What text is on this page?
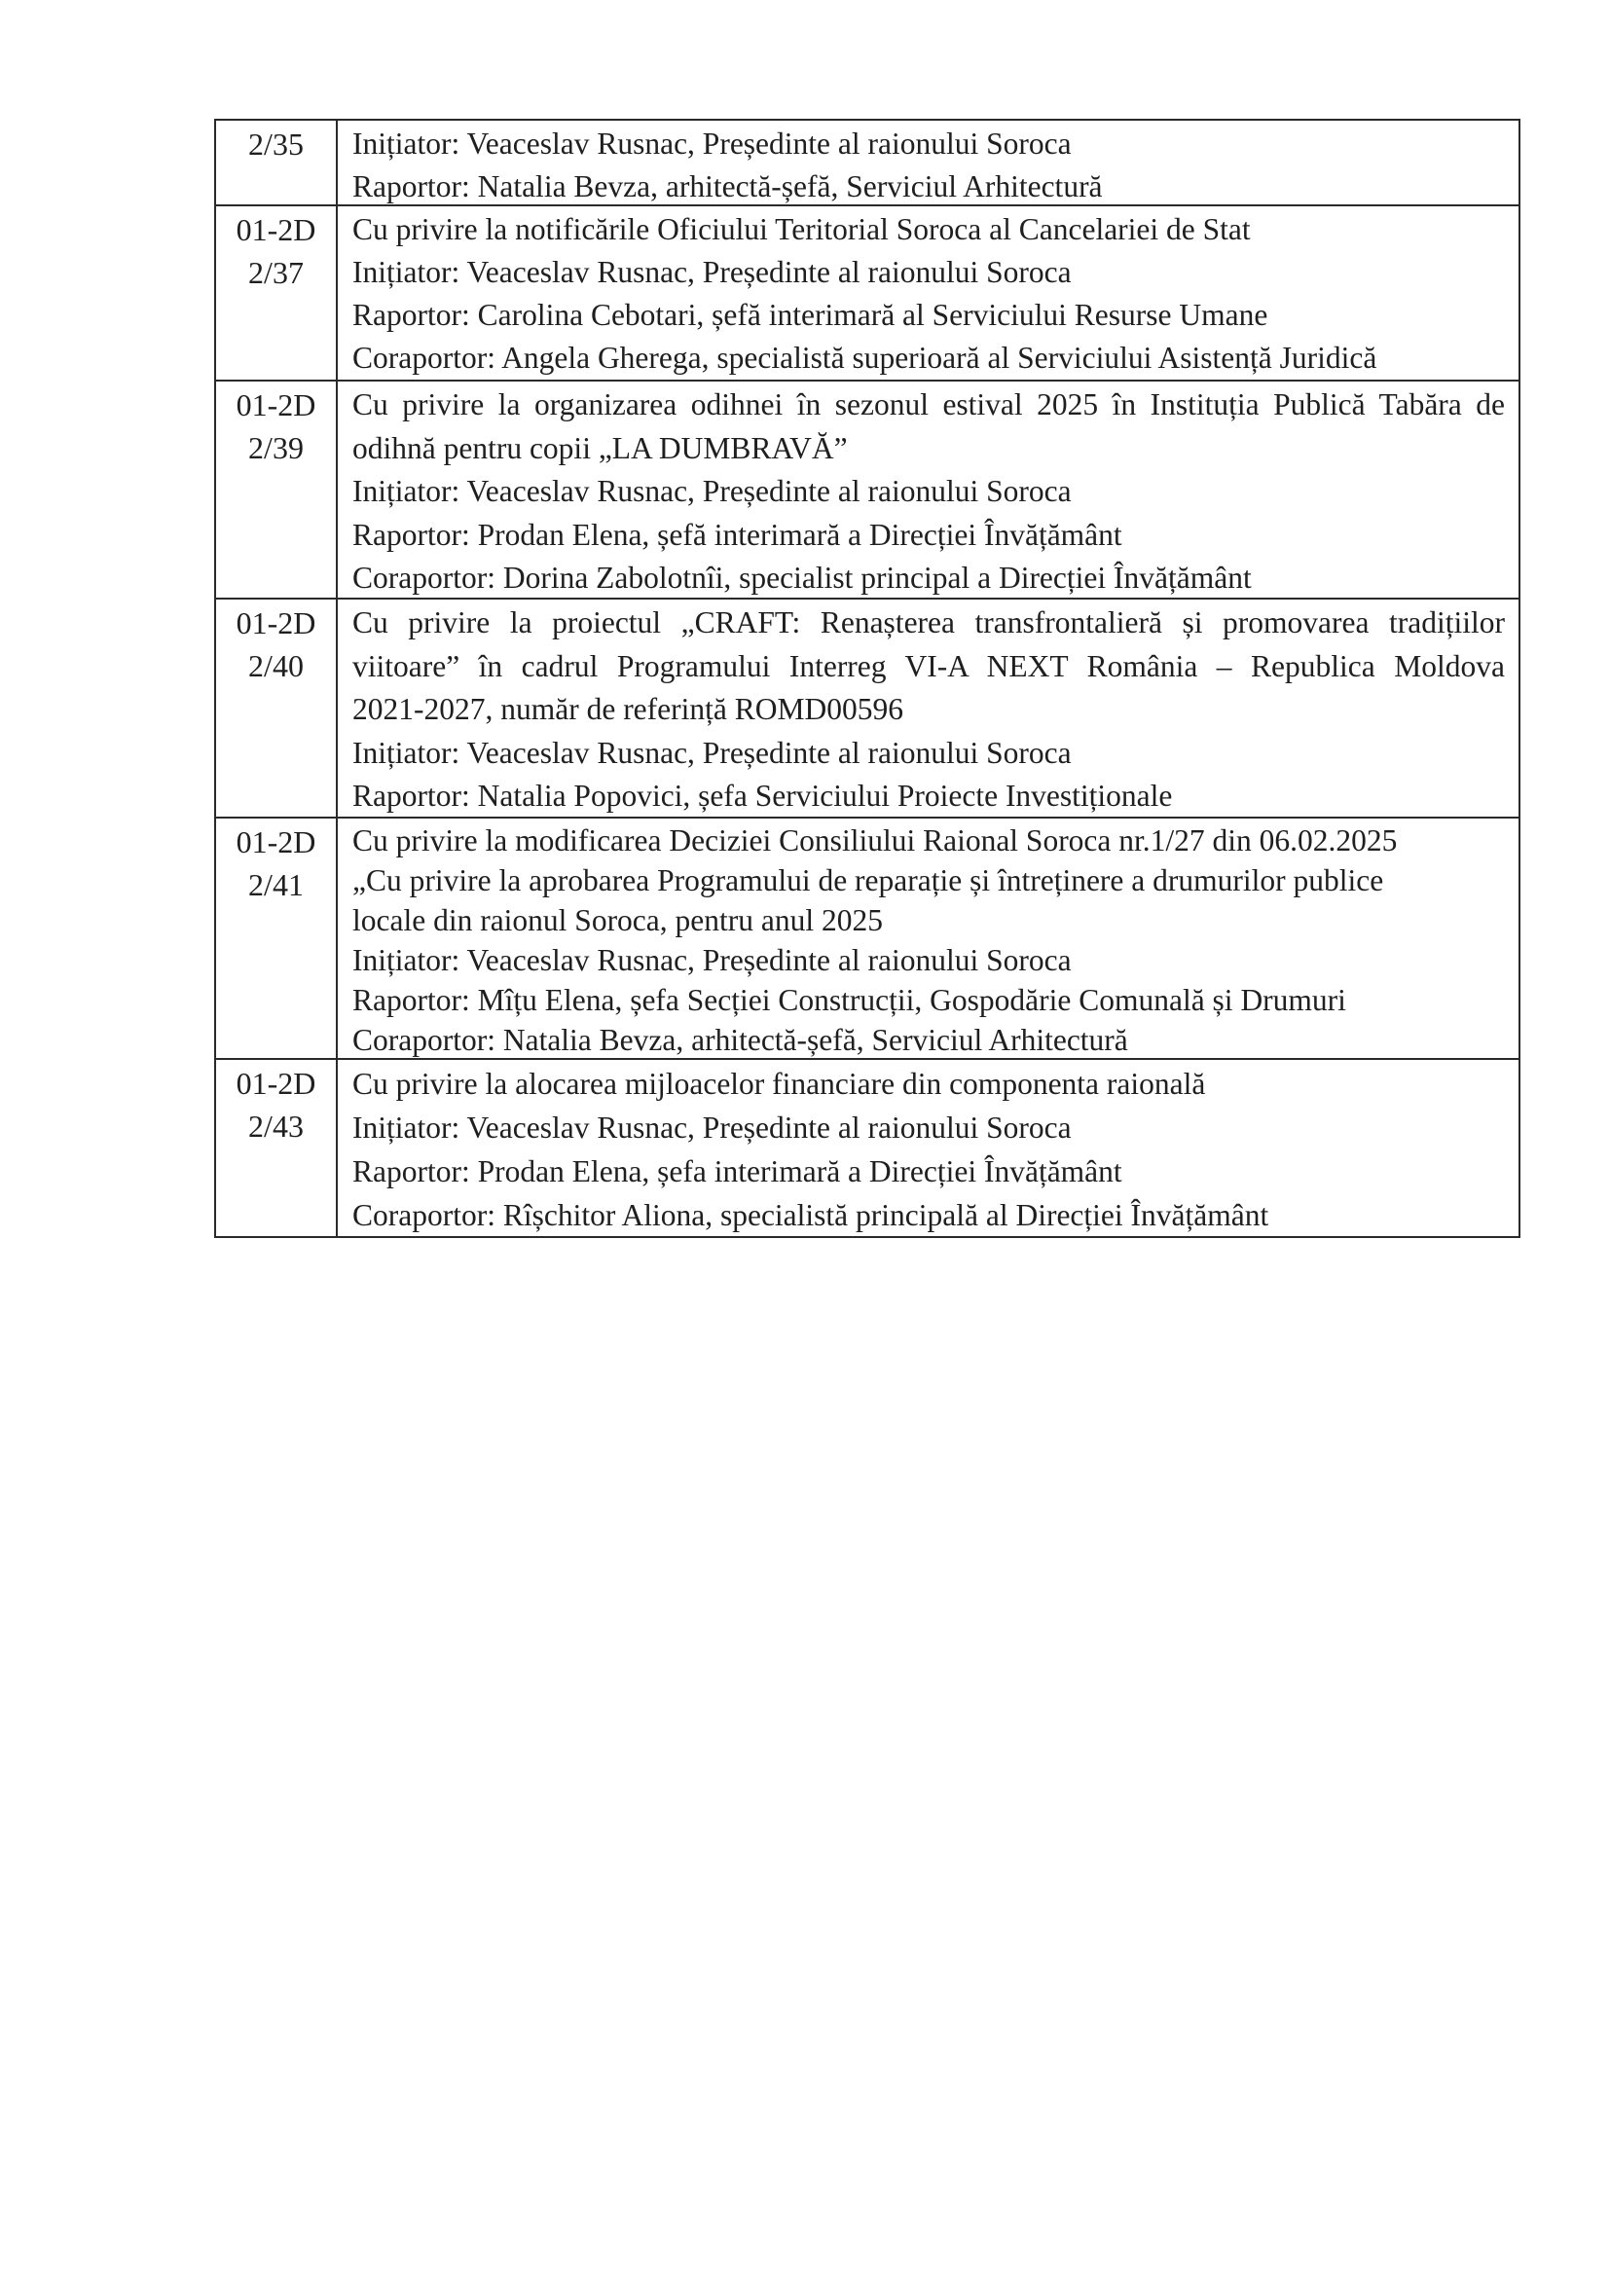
2/35	Inițiator: Veaceslav Rusnac, Președinte al raionului Soroca
Raportor: Natalia Bevza, arhitectă-șefă, Serviciul Arhitectură
01-2D
2/37
Cu privire la notificările Oficiului Teritorial Soroca al Cancelariei de Stat
Inițiator: Veaceslav Rusnac, Președinte al raionului Soroca
Raportor: Carolina Cebotari, șefă interimară al Serviciului Resurse Umane
Coraportor: Angela Gherega, specialistă superioară al Serviciului Asistență Juridică
01-2D
2/39
Cu privire la organizarea odihnei în sezonul estival 2025 în Instituția Publică Tabăra de
odihnă pentru copii „LA DUMBRAVĂ”
Inițiator: Veaceslav Rusnac, Președinte al raionului Soroca
Raportor: Prodan Elena, șefă interimară a Direcției Învățământ
Coraportor: Dorina Zabolotnîi, specialist principal a Direcției Învățământ
01-2D
2/40
Cu privire la proiectul „CRAFT: Renașterea transfrontalieră și promovarea tradițiilor
viitoare” în cadrul Programului Interreg VI-A NEXT România – Republica Moldova
2021-2027, număr de referință ROMD00596
Inițiator: Veaceslav Rusnac, Președinte al raionului Soroca
Raportor: Natalia Popovici, șefa Serviciului Proiecte Investiționale
01-2D
2/41
Cu privire la modificarea Deciziei Consiliului Raional Soroca nr.1/27 din 06.02.2025
„Cu privire la aprobarea Programului de reparație și întreținere a drumurilor publice
locale din raionul Soroca, pentru anul 2025
Inițiator: Veaceslav Rusnac, Președinte al raionului Soroca
Raportor: Mîțu Elena, șefa Secției Construcții, Gospodărie Comunală și Drumuri
Coraportor: Natalia Bevza, arhitectă-șefă, Serviciul Arhitectură
01-2D
2/43
Cu privire la alocarea mijloacelor financiare din componenta raională
Inițiator: Veaceslav Rusnac, Președinte al raionului Soroca
Raportor: Prodan Elena, șefa interimară a Direcției Învățământ
Coraportor: Rîșchitor Aliona, specialistă principală al Direcției Învățământ
